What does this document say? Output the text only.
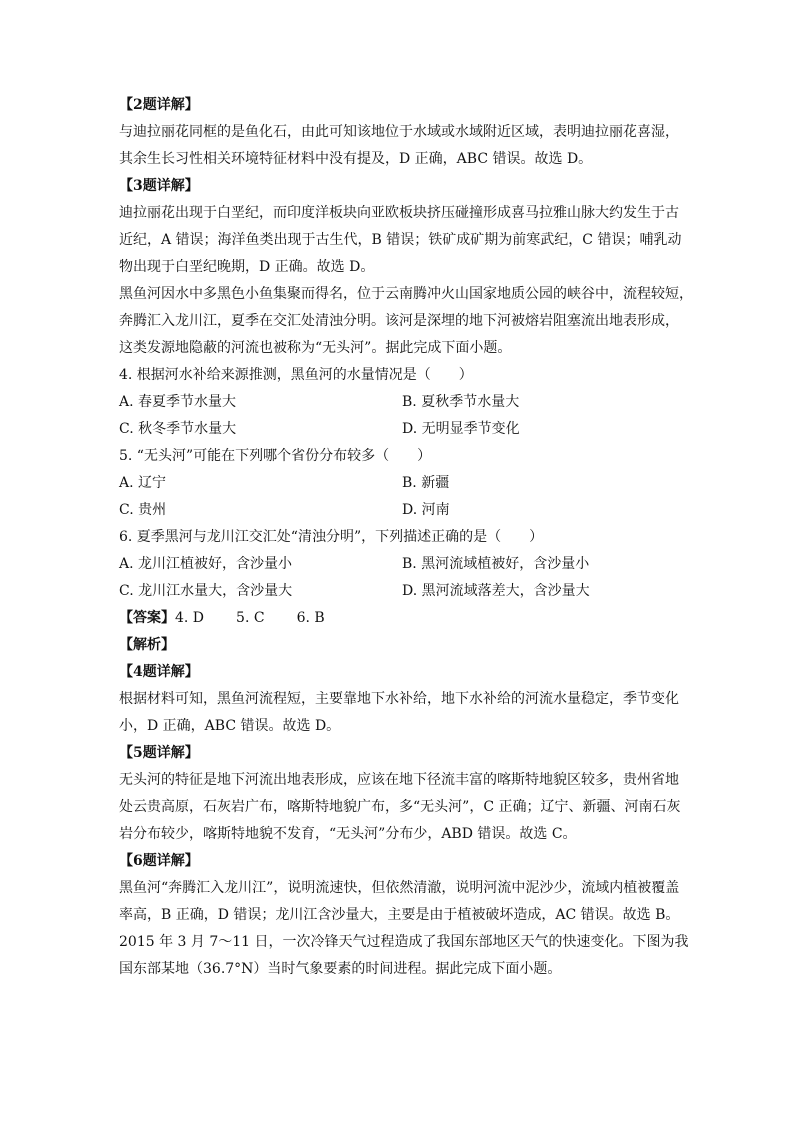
【2题详解】
与迪拉丽花同框的是鱼化石，由此可知该地位于水域或水域附近区域，表明迪拉丽花喜湿，
其余生长习性相关环境特征材料中没有提及，D 正确，ABC 错误。故选 D。
【3题详解】
迪拉丽花出现于白垩纪，而印度洋板块向亚欧板块挤压碰撞形成喜马拉雅山脉大约发生于古
近纪，A 错误；海洋鱼类出现于古生代，B 错误；铁矿成矿期为前寒武纪，C 错误；哺乳动
物出现于白垩纪晚期，D 正确。故选 D。
黑鱼河因水中多黑色小鱼集聚而得名，位于云南腾冲火山国家地质公园的峡谷中，流程较短，
奔腾汇入龙川江，夏季在交汇处清浊分明。该河是深埋的地下河被熔岩阻塞流出地表形成，
这类发源地隐蔽的河流也被称为“无头河”。据此完成下面小题。
4. 根据河水补给来源推测，黑鱼河的水量情况是（　　）
A. 春夏季节水量大	B. 夏秋季节水量大
C. 秋冬季节水量大	D. 无明显季节变化
5. “无头河”可能在下列哪个省份分布较多（　　）
A. 辽宁	B. 新疆
C. 贵州	D. 河南
6. 夏季黑河与龙川江交汇处“清浊分明”，下列描述正确的是（　　）
A. 龙川江植被好，含沙量小	B. 黑河流域植被好，含沙量小
C. 龙川江水量大，含沙量大	D. 黑河流域落差大，含沙量大
【答案】4. D 5. C 6. B
【解析】
【4题详解】
根据材料可知，黑鱼河流程短，主要靠地下水补给，地下水补给的河流水量稳定，季节变化
小，D 正确，ABC 错误。故选 D。
【5题详解】
无头河的特征是地下河流出地表形成，应该在地下径流丰富的喀斯特地貌区较多，贵州省地
处云贵高原，石灰岩广布，喀斯特地貌广布，多“无头河”，C 正确；辽宁、新疆、河南石灰
岩分布较少，喀斯特地貌不发育，“无头河”分布少，ABD 错误。故选 C。
【6题详解】
黑鱼河“奔腾汇入龙川江”，说明流速快，但依然清澈，说明河流中泥沙少，流域内植被覆盖
率高，B 正确，D 错误；龙川江含沙量大，主要是由于植被破坏造成，AC 错误。故选 B。
2015 年 3 月 7～11 日，一次冷锋天气过程造成了我国东部地区天气的快速变化。下图为我
国东部某地（36.7°N）当时气象要素的时间进程。据此完成下面小题。
